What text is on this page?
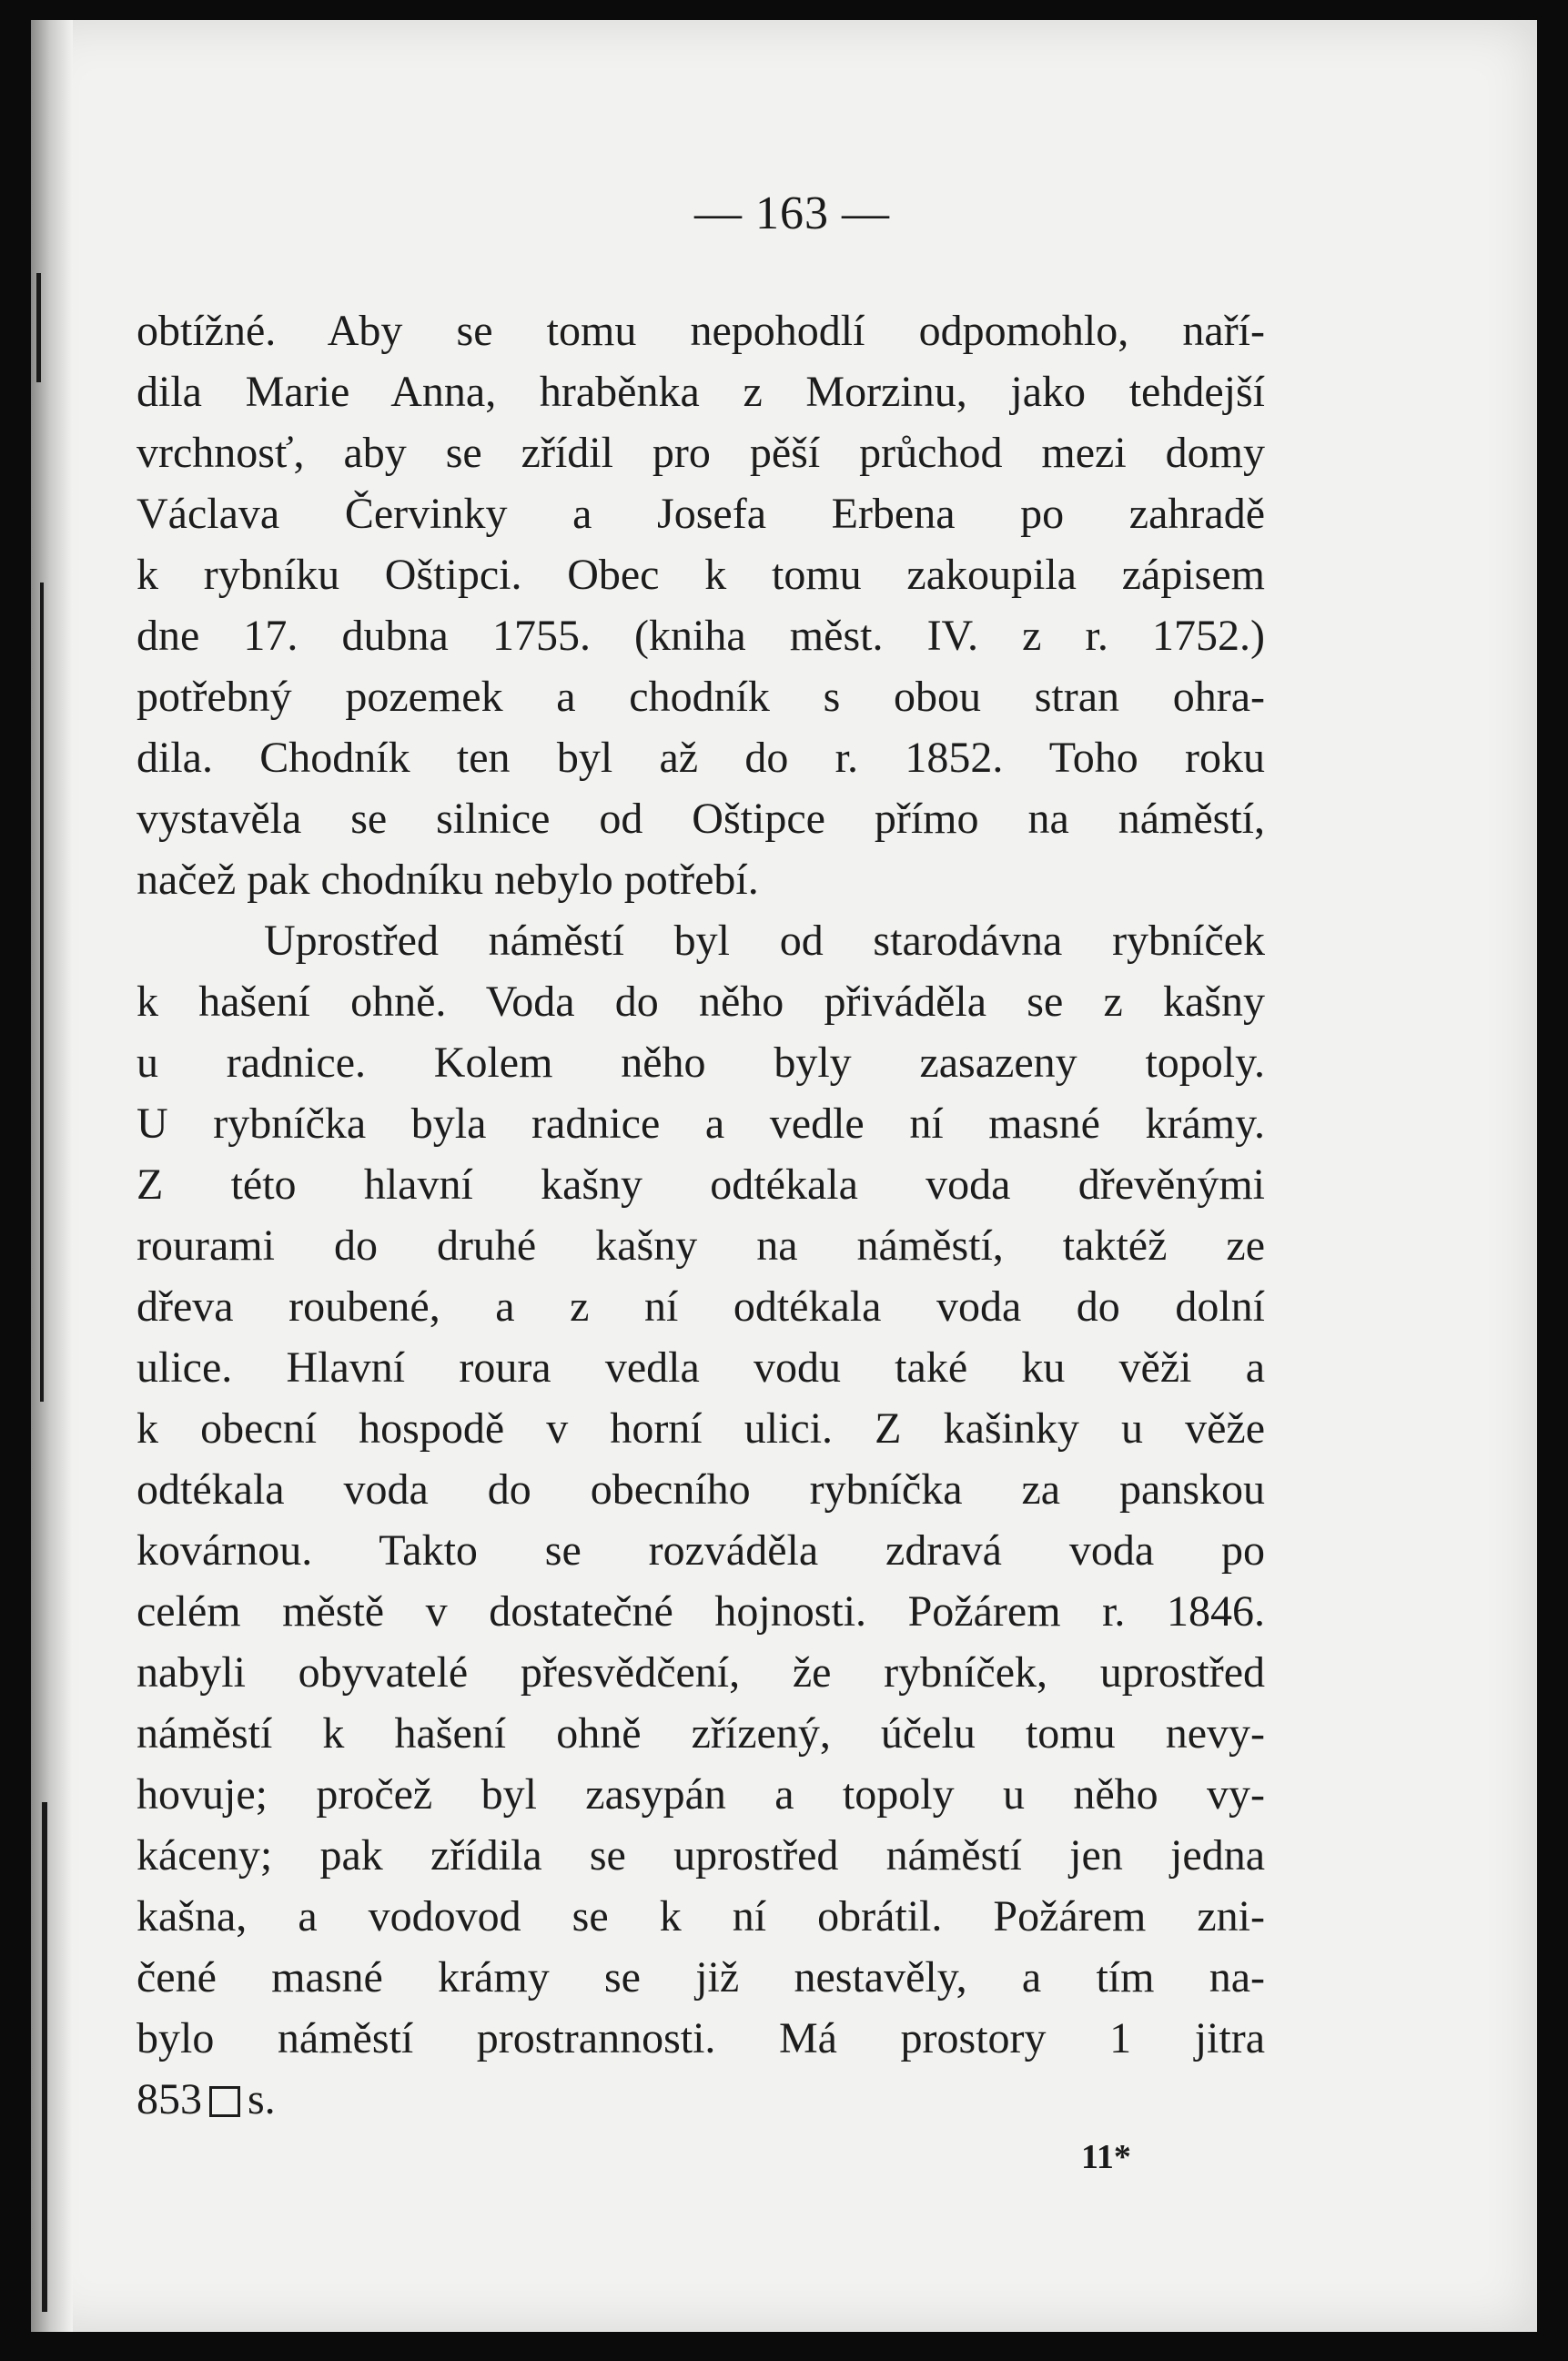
— 163 —
obtížné. Aby se tomu nepohodlí odpomohlo, naří-
dila Marie Anna, hraběnka z Morzinu, jako tehdejší
vrchnosť, aby se zřídil pro pěší průchod mezi domy
Václava Červinky a Josefa Erbena po zahradě
k rybníku Oštipci. Obec k tomu zakoupila zápisem
dne 17. dubna 1755. (kniha měst. IV. z r. 1752.)
potřebný pozemek a chodník s obou stran ohra-
dila. Chodník ten byl až do r. 1852. Toho roku
vystavěla se silnice od Oštipce přímo na náměstí,
načež pak chodníku nebylo potřebí.
Uprostřed náměstí byl od starodávna rybníček
k hašení ohně. Voda do něho přiváděla se z kašny
u radnice. Kolem něho byly zasazeny topoly.
U rybníčka byla radnice a vedle ní masné krámy.
Z této hlavní kašny odtékala voda dřevěnými
rourami do druhé kašny na náměstí, taktéž ze
dřeva roubené, a z ní odtékala voda do dolní
ulice. Hlavní roura vedla vodu také ku věži a
k obecní hospodě v horní ulici. Z kašinky u věže
odtékala voda do obecního rybníčka za panskou
kovárnou. Takto se rozváděla zdravá voda po
celém městě v dostatečné hojnosti. Požárem r. 1846.
nabyli obyvatelé přesvědčení, že rybníček, uprostřed
náměstí k hašení ohně zřízený, účelu tomu nevy-
hovuje; pročež byl zasypán a topoly u něho vy-
káceny; pak zřídila se uprostřed náměstí jen jedna
kašna, a vodovod se k ní obrátil. Požárem zni-
čené masné krámy se již nestavěly, a tím na-
bylo náměstí prostrannosti. Má prostory 1 jitra
853 s.
11*
